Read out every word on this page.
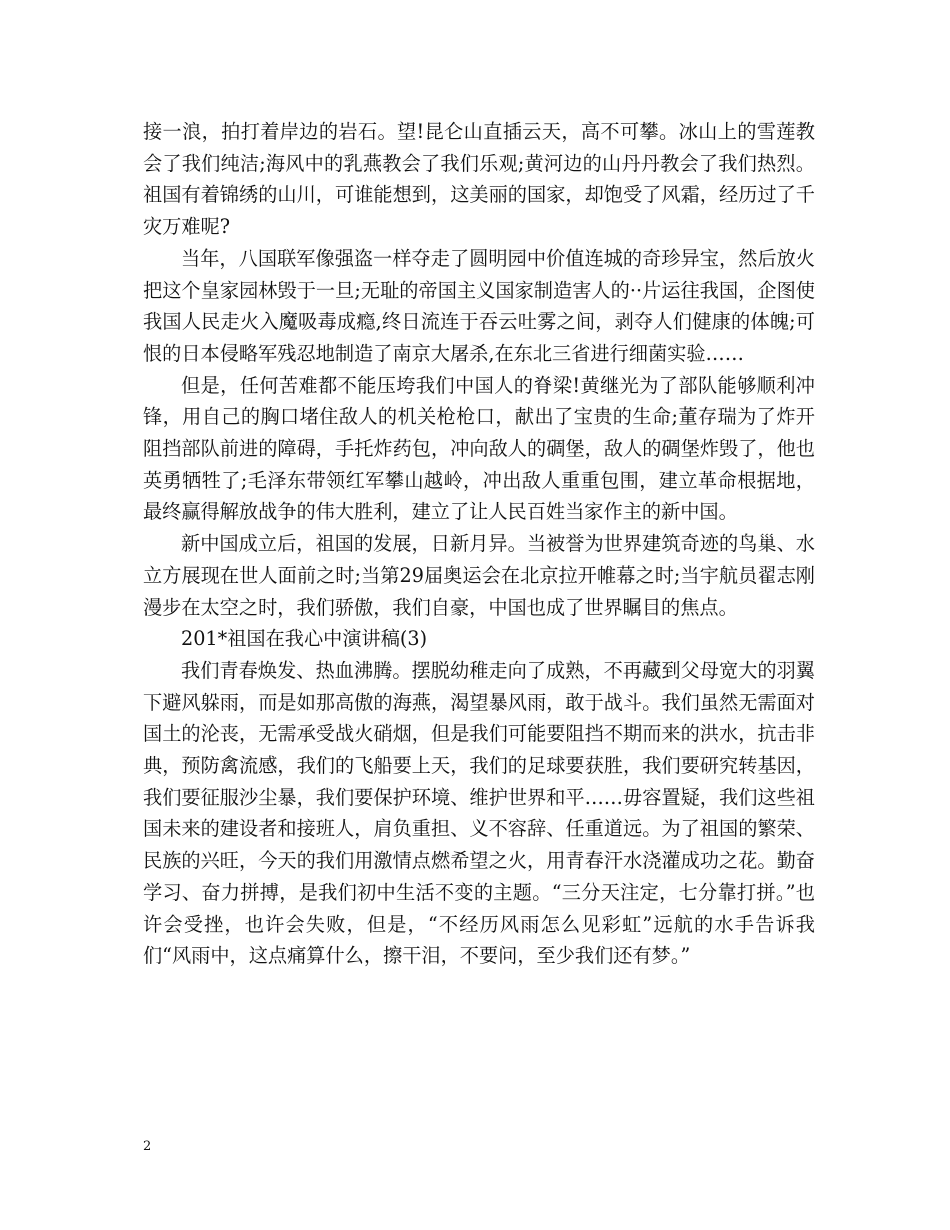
接一浪，拍打着岸边的岩石。望!昆仑山直插云天，高不可攀。冰山上的雪莲教会了我们纯洁;海风中的乳燕教会了我们乐观;黄河边的山丹丹教会了我们热烈。祖国有着锦绣的山川，可谁能想到，这美丽的国家，却饱受了风霜，经历过了千灾万难呢?

当年，八国联军像强盗一样夺走了圆明园中价值连城的奇珍异宝，然后放火把这个皇家园林毁于一旦;无耻的帝国主义国家制造害人的··片运往我国，企图使我国人民走火入魔吸毒成瘾,终日流连于吞云吐雾之间，剥夺人们健康的体魄;可恨的日本侵略军残忍地制造了南京大屠杀,在东北三省进行细菌实验……

但是，任何苦难都不能压垮我们中国人的脊梁!黄继光为了部队能够顺利冲锋，用自己的胸口堵住敌人的机关枪枪口，献出了宝贵的生命;董存瑞为了炸开阻挡部队前进的障碍，手托炸药包，冲向敌人的碉堡，敌人的碉堡炸毁了，他也英勇牺牲了;毛泽东带领红军攀山越岭，冲出敌人重重包围，建立革命根据地，最终赢得解放战争的伟大胜利，建立了让人民百姓当家作主的新中国。

新中国成立后，祖国的发展，日新月异。当被誉为世界建筑奇迹的鸟巢、水立方展现在世人面前之时;当第29届奥运会在北京拉开帷幕之时;当宇航员翟志刚漫步在太空之时，我们骄傲，我们自豪，中国也成了世界瞩目的焦点。

201*祖国在我心中演讲稿(3)

我们青春焕发、热血沸腾。摆脱幼稚走向了成熟，不再藏到父母宽大的羽翼下避风躲雨，而是如那高傲的海燕，渴望暴风雨，敢于战斗。我们虽然无需面对国土的沦丧，无需承受战火硝烟，但是我们可能要阻挡不期而来的洪水，抗击非典，预防禽流感，我们的飞船要上天，我们的足球要获胜，我们要研究转基因，我们要征服沙尘暴，我们要保护环境、维护世界和平……毋容置疑，我们这些祖国未来的建设者和接班人，肩负重担、义不容辞、任重道远。为了祖国的繁荣、民族的兴旺，今天的我们用激情点燃希望之火，用青春汗水浇灌成功之花。勤奋学习、奋力拼搏，是我们初中生活不变的主题。“三分天注定，七分靠打拼。”也许会受挫，也许会失败，但是，“不经历风雨怎么见彩虹”远航的水手告诉我们“风雨中，这点痛算什么，擦干泪，不要问，至少我们还有梦。”

2
